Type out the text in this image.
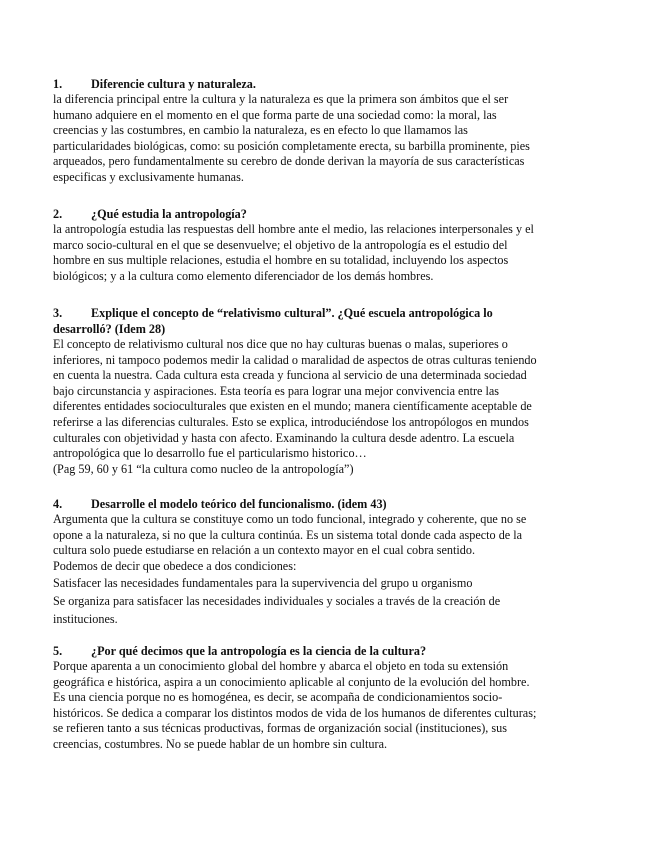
1. Diferencie cultura y naturaleza.

la diferencia principal entre la cultura y la naturaleza es que la primera son ámbitos que el ser
humano adquiere en el momento en el que forma parte de una sociedad como: la moral, las
creencias y las costumbres, en cambio la naturaleza, es en efecto lo que llamamos las
particularidades biológicas, como: su posición completamente erecta, su barbilla prominente, pies
arqueados, pero fundamentalmente su cerebro de donde derivan la mayoría de sus características
especificas y exclusivamente humanas.

2. ¿Qué estudia la antropología?

la antropología estudia las respuestas dell hombre ante el medio, las relaciones interpersonales y el
marco socio-cultural en el que se desenvuelve; el objetivo de la antropología es el estudio del
hombre en sus multiple relaciones, estudia el hombre en su totalidad, incluyendo los aspectos
biológicos; y a la cultura como elemento diferenciador de los demás hombres.

3. Explique el concepto de “relativismo cultural”. ¿Qué escuela antropológica lo

desarrolló? (Idem 28)

El concepto de relativismo cultural nos dice que no hay culturas buenas o malas, superiores o
inferiores, ni tampoco podemos medir la calidad o maralidad de aspectos de otras culturas teniendo
en cuenta la nuestra. Cada cultura esta creada y funciona al servicio de una determinada sociedad
bajo circunstancia y aspiraciones. Esta teoría es para lograr una mejor convivencia entre las
diferentes entidades socioculturales que existen en el mundo; manera científicamente aceptable de
referirse a las diferencias culturales. Esto se explica, introduciéndose los antropólogos en mundos
culturales con objetividad y hasta con afecto. Examinando la cultura desde adentro. La escuela
antropológica que lo desarrollo fue el particularismo historico…
(Pag 59, 60 y 61 “la cultura como nucleo de la antropología”)

4. Desarrolle el modelo teórico del funcionalismo. (idem 43)

Argumenta que la cultura se constituye como un todo funcional, integrado y coherente, que no se
opone a la naturaleza, si no que la cultura continúa. Es un sistema total donde cada aspecto de la
cultura solo puede estudiarse en relación a un contexto mayor en el cual cobra sentido.
Podemos de decir que obedece a dos condiciones:
Satisfacer las necesidades fundamentales para la supervivencia del grupo u organismo
Se organiza para satisfacer las necesidades individuales y sociales a través de la creación de
instituciones.

5. ¿Por qué decimos que la antropología es la ciencia de la cultura?

Porque aparenta a un conocimiento global del hombre y abarca el objeto en toda su extensión
geográfica e histórica, aspira a un conocimiento aplicable al conjunto de la evolución del hombre.
Es una ciencia porque no es homogénea, es decir, se acompaña de condicionamientos socio-
históricos. Se dedica a comparar los distintos modos de vida de los humanos de diferentes culturas;
se refieren tanto a sus técnicas productivas, formas de organización social (instituciones), sus
creencias, costumbres. No se puede hablar de un hombre sin cultura.
